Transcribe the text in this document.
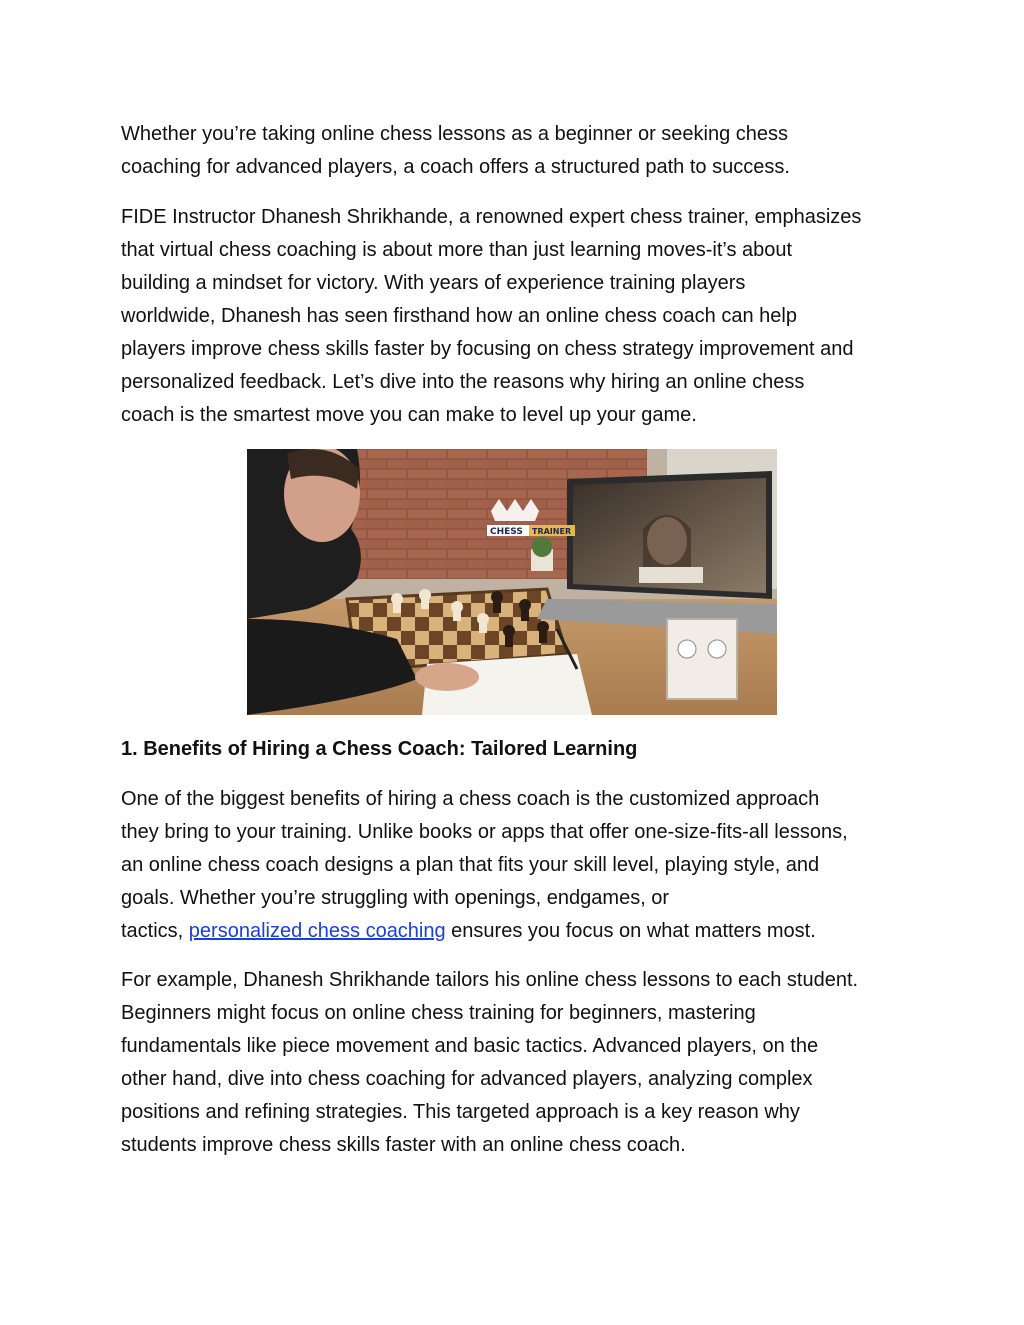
Whether you’re taking online chess lessons as a beginner or seeking chess
coaching for advanced players, a coach offers a structured path to success.

FIDE Instructor Dhanesh Shrikhande, a renowned expert chess trainer, emphasizes
that virtual chess coaching is about more than just learning moves-it’s about
building a mindset for victory. With years of experience training players
worldwide, Dhanesh has seen firsthand how an online chess coach can help
players improve chess skills faster by focusing on chess strategy improvement and
personalized feedback. Let’s dive into the reasons why hiring an online chess
coach is the smartest move you can make to level up your game.

CHESS TRAINER
1. Benefits of Hiring a Chess Coach: Tailored Learning

One of the biggest benefits of hiring a chess coach is the customized approach
they bring to your training. Unlike books or apps that offer one-size-fits-all lessons,
an online chess coach designs a plan that fits your skill level, playing style, and
goals. Whether you’re struggling with openings, endgames, or
tactics, personalized chess coaching ensures you focus on what matters most.

For example, Dhanesh Shrikhande tailors his online chess lessons to each student.
Beginners might focus on online chess training for beginners, mastering
fundamentals like piece movement and basic tactics. Advanced players, on the
other hand, dive into chess coaching for advanced players, analyzing complex
positions and refining strategies. This targeted approach is a key reason why
students improve chess skills faster with an online chess coach.
